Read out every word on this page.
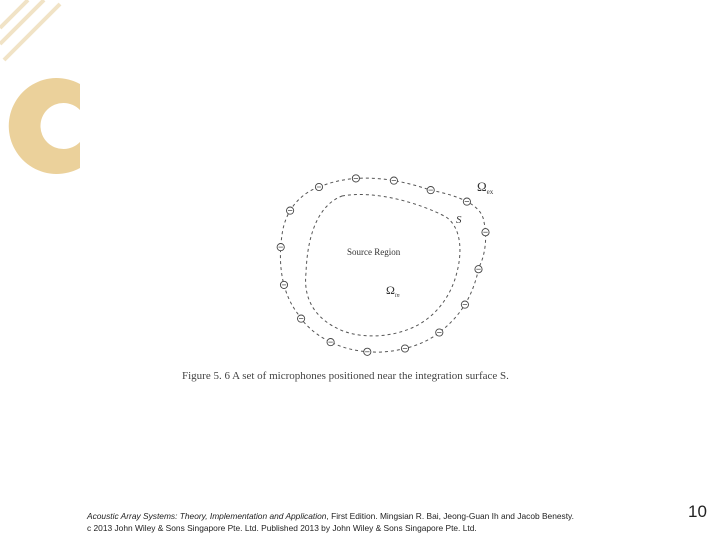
$\Omega_{ex}$
S
Source Region
$\Omega_{in}$
Figure 5. 6 A set of microphones positioned near the integration surface S.
Acoustic Array Systems: Theory, Implementation and Application, First Edition. Mingsian R. Bai, Jeong-Guan Ih and Jacob Benesty.
c 2013 John Wiley & Sons Singapore Pte. Ltd. Published 2013 by John Wiley & Sons Singapore Pte. Ltd.
10
